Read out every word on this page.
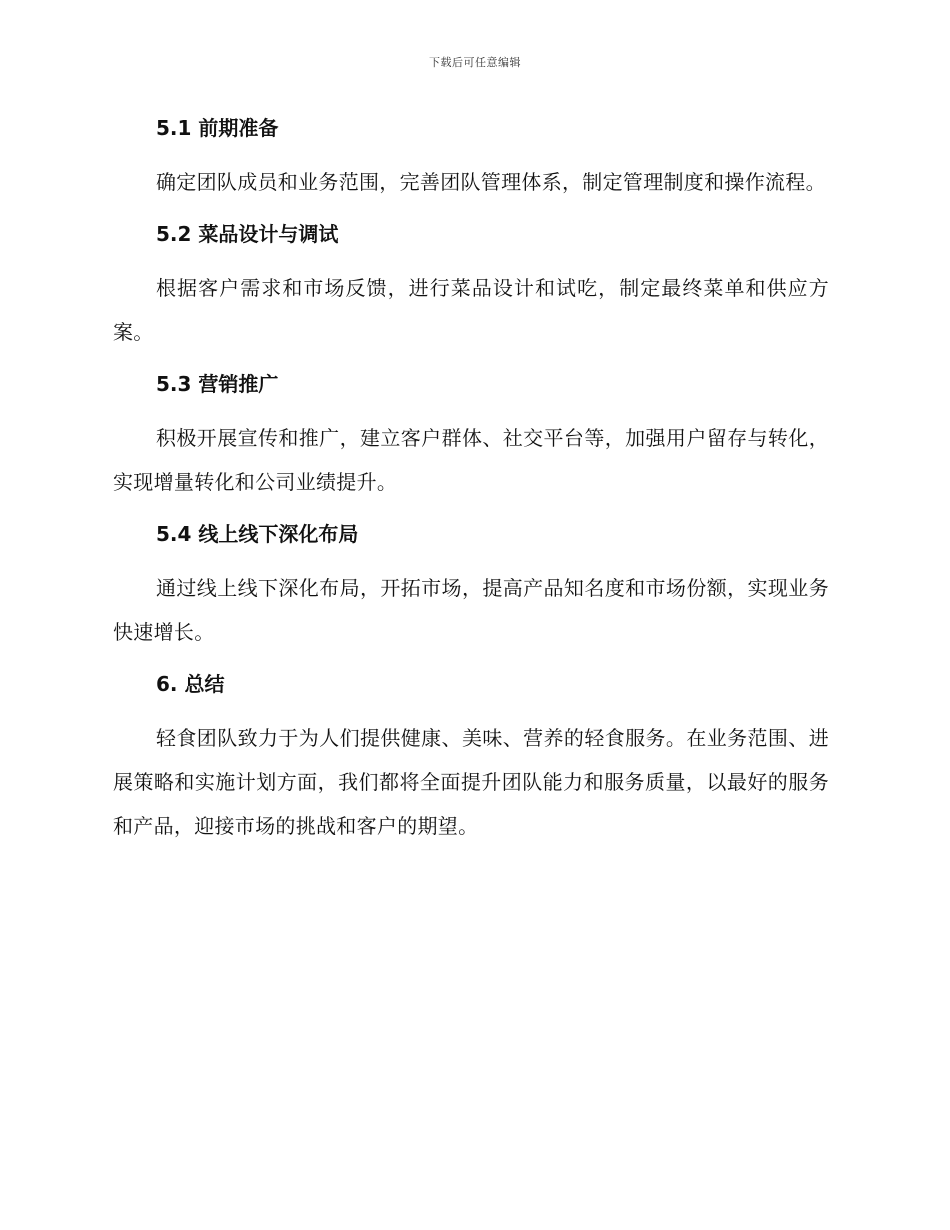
下载后可任意编辑
5.1 前期准备

确定团队成员和业务范围，完善团队管理体系，制定管理制度和操作流程。

5.2 菜品设计与调试

根据客户需求和市场反馈，进行菜品设计和试吃，制定最终菜单和供应方案。

5.3 营销推广

积极开展宣传和推广，建立客户群体、社交平台等，加强用户留存与转化，实现增量转化和公司业绩提升。

5.4 线上线下深化布局

通过线上线下深化布局，开拓市场，提高产品知名度和市场份额，实现业务快速增长。

6. 总结

轻食团队致力于为人们提供健康、美味、营养的轻食服务。在业务范围、进展策略和实施计划方面，我们都将全面提升团队能力和服务质量，以最好的服务和产品，迎接市场的挑战和客户的期望。
